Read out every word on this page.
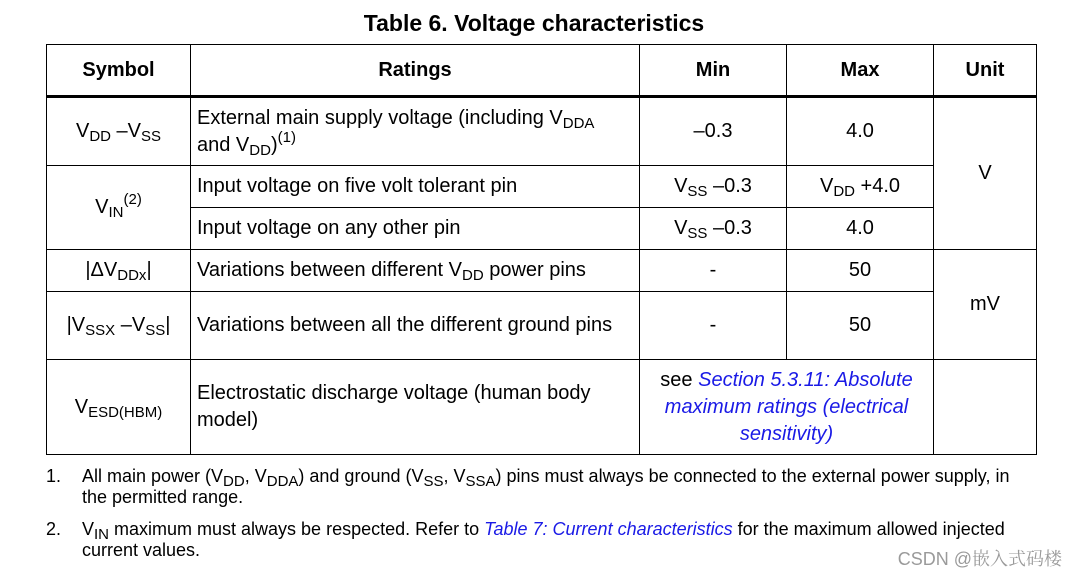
Table 6. Voltage characteristics
Symbol	Ratings	Min	Max	Unit
$V_{DD}$ $-V_{SS}$	External main supply voltage (including $V_{DDA}$ and $V_{DD})^{(1)}$	–0.3	4.0	V
$V_{IN}^{(2)}$	Input voltage on five volt tolerant pin	$V_{SS}$ –0.3	$V_{DD} +4.0$	
	Input voltage on any other pin	$V_{SS}$ –0.3	4.0	
$|\Delta V_{DDx}|$	Variations between different $V_{DD}$ power pins	-	50	mV
$|V_{SSX}$ $-V_{SS}|$	Variations between all the different ground pins	-	50	
$V_{ESD(HBM)}$	Electrostatic discharge voltage (human body model)	see Section 5.3.11: Absolute maximum ratings (electrical sensitivity)		
1. All main power ($V_{DD}$, $V_{DDA}$) and ground ($V_{SS}$, $V_{SSA}$) pins must always be connected to the external power supply, in the permitted range.
2. $V_{IN}$ maximum must always be respected. Refer to Table 7: Current characteristics for the maximum allowed injected current values.	CSDN @嵌入式码楼
